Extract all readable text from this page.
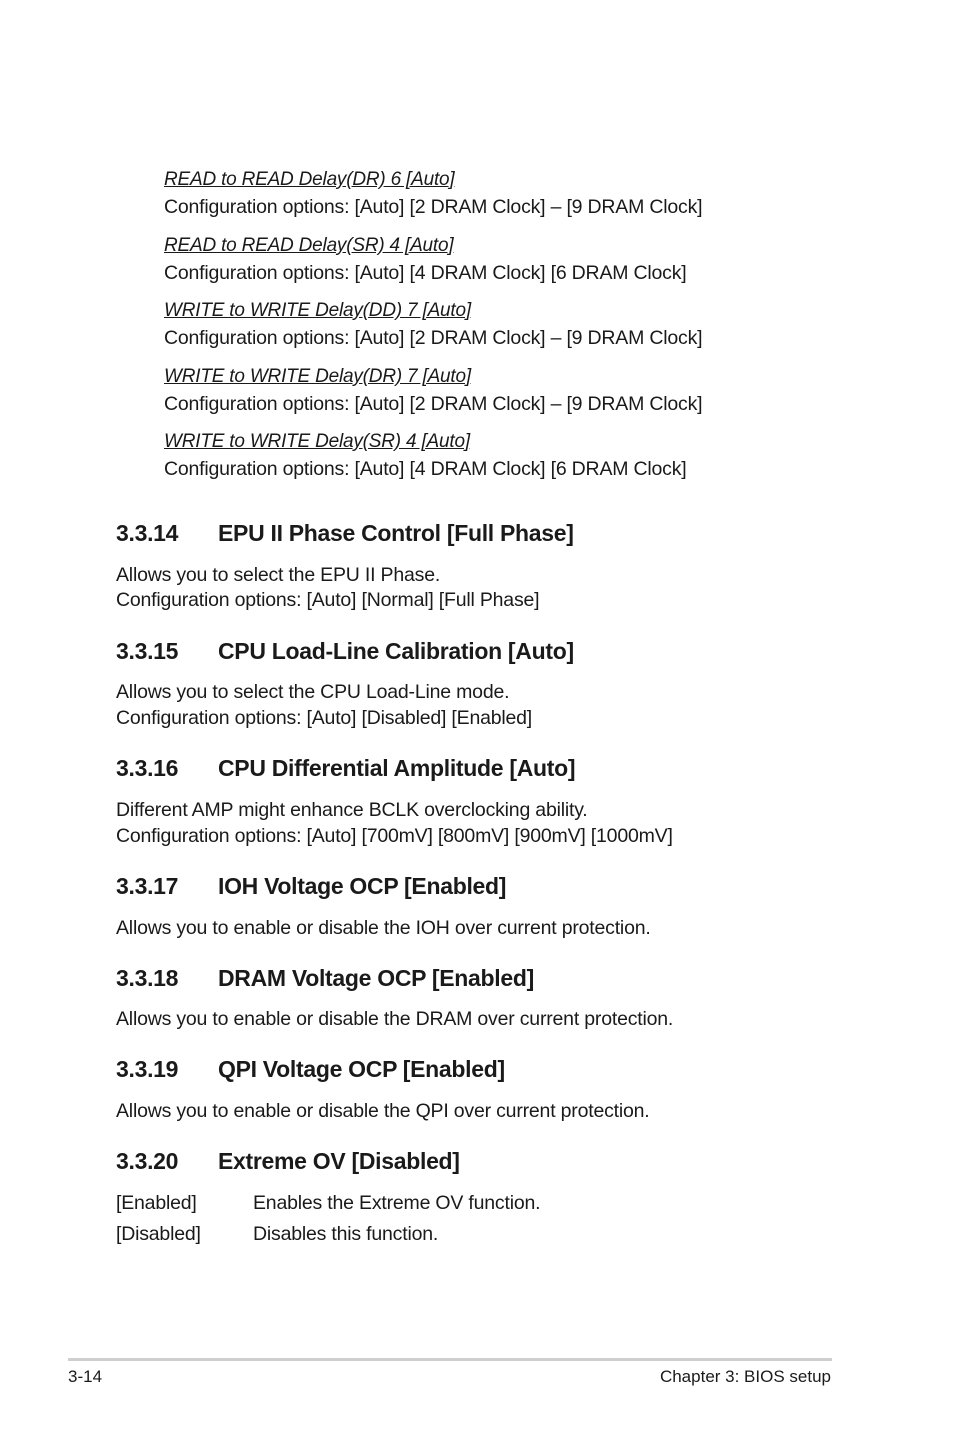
READ to READ Delay(DR) 6 [Auto]
Configuration options: [Auto] [2 DRAM Clock] – [9 DRAM Clock]
READ to READ Delay(SR) 4 [Auto]
Configuration options: [Auto] [4 DRAM Clock] [6 DRAM Clock]
WRITE to WRITE Delay(DD) 7 [Auto]
Configuration options: [Auto] [2 DRAM Clock] – [9 DRAM Clock]
WRITE to WRITE Delay(DR) 7 [Auto]
Configuration options: [Auto] [2 DRAM Clock] – [9 DRAM Clock]
WRITE to WRITE Delay(SR) 4 [Auto]
Configuration options: [Auto] [4 DRAM Clock] [6 DRAM Clock]
3.3.14 EPU II Phase Control [Full Phase]
Allows you to select the EPU II Phase.
Configuration options: [Auto] [Normal] [Full Phase]
3.3.15 CPU Load-Line Calibration [Auto]
Allows you to select the CPU Load-Line mode.
Configuration options: [Auto] [Disabled] [Enabled]
3.3.16 CPU Differential Amplitude [Auto]
Different AMP might enhance BCLK overclocking ability.
Configuration options: [Auto] [700mV] [800mV] [900mV] [1000mV]
3.3.17 IOH Voltage OCP [Enabled]
Allows you to enable or disable the IOH over current protection.
3.3.18 DRAM Voltage OCP [Enabled]
Allows you to enable or disable the DRAM over current protection.
3.3.19 QPI Voltage OCP [Enabled]
Allows you to enable or disable the QPI over current protection.
3.3.20 Extreme OV [Disabled]
[Enabled]	Enables the Extreme OV function.
[Disabled]	Disables this function.
3-14	Chapter 3: BIOS setup
